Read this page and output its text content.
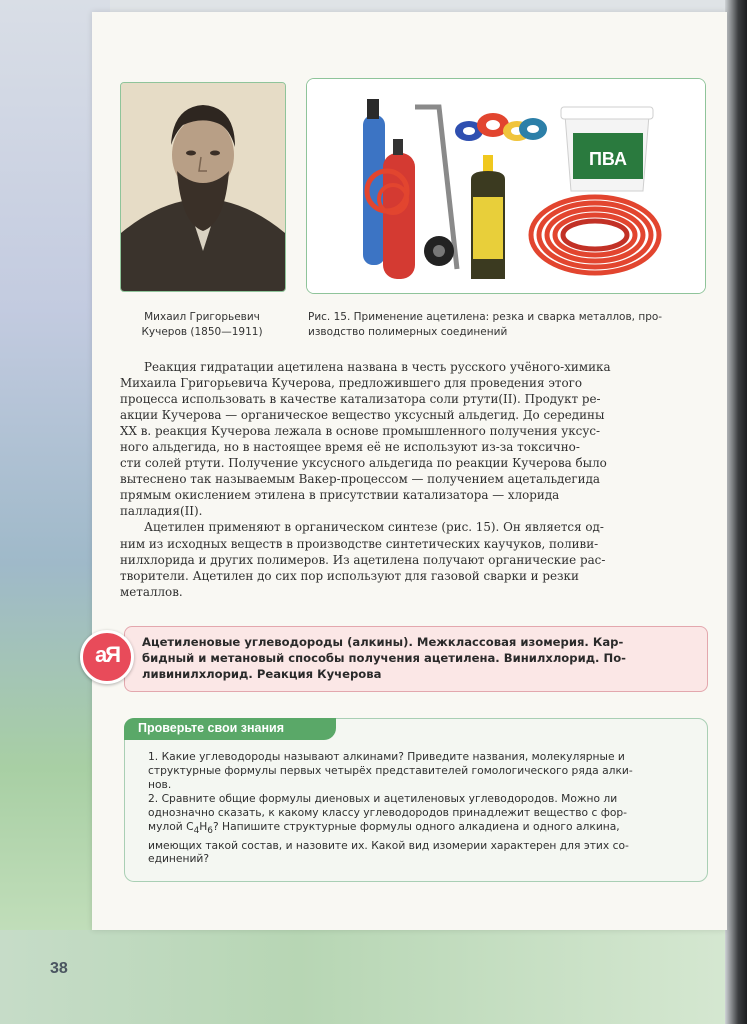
38
ПВА
Михаил Григорьевич
Кучеров (1850—1911)
Рис. 15. Применение ацетилена: резка и сварка металлов, про-
изводство полимерных соединений

Реакция гидратации ацетилена названа в честь русского учёного-химика

Михаила Григорьевича Кучерова, предложившего для проведения этого
процесса использовать в качестве катализатора соли ртути(II). Продукт ре-
акции Кучерова — органическое вещество уксусный альдегид. До середины
XX в. реакция Кучерова лежала в основе промышленного получения уксус-
ного альдегида, но в настоящее время её не используют из-за токсично-
сти солей ртути. Получение уксусного альдегида по реакции Кучерова было
вытеснено так называемым Вакер-процессом — получением ацетальдегида
прямым окислением этилена в присутствии катализатора — хлорида
палладия(II).

Ацетилен применяют в органическом синтезе (рис. 15). Он является од-

ним из исходных веществ в производстве синтетических каучуков, поливи-
нилхлорида и других полимеров. Из ацетилена получают органические рас-
творители. Ацетилен до сих пор используют для газовой сварки и резки
металлов.
аЯ	Ацетиленовые углеводороды (алкины). Межклассовая изомерия. Кар-
бидный и метановый способы получения ацетилена. Винилхлорид. По-
ливинилхлорид. Реакция Кучерова
Проверьте свои знания

1. Какие углеводороды называют алкинами? Приведите названия, молекулярные и
структурные формулы первых четырёх представителей гомологического ряда алки-
нов.

2. Сравните общие формулы диеновых и ацетиленовых углеводородов. Можно ли
однозначно сказать, к какому классу углеводородов принадлежит вещество с фор-
мулой $C_4H_6$? Напишите структурные формулы одного алкадиена и одного алкина,
имеющих такой состав, и назовите их. Какой вид изомерии характерен для этих со-
единений?
